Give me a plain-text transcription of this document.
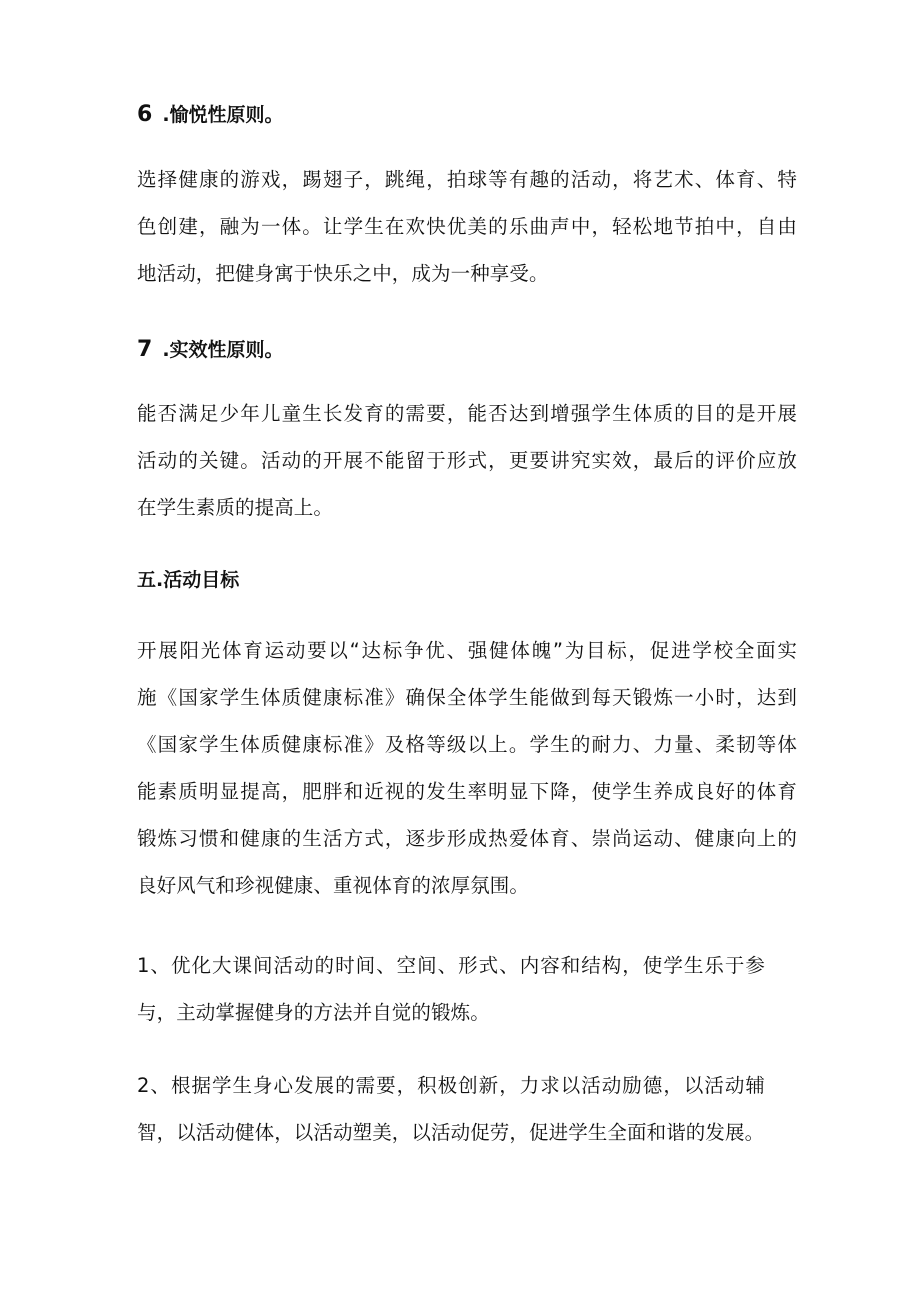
6 .愉悦性原则。
选择健康的游戏，踢翅子，跳绳，拍球等有趣的活动，将艺术、体育、特
色创建，融为一体。让学生在欢快优美的乐曲声中，轻松地节拍中，自由
地活动，把健身寓于快乐之中，成为一种享受。
7 .实效性原则。
能否满足少年儿童生长发育的需要，能否达到增强学生体质的目的是开展
活动的关键。活动的开展不能留于形式，更要讲究实效，最后的评价应放
在学生素质的提高上。
五.活动目标
开展阳光体育运动要以“达标争优、强健体魄”为目标，促进学校全面实
施《国家学生体质健康标准》确保全体学生能做到每天锻炼一小时，达到
《国家学生体质健康标准》及格等级以上。学生的耐力、力量、柔韧等体
能素质明显提高，肥胖和近视的发生率明显下降，使学生养成良好的体育
锻炼习惯和健康的生活方式，逐步形成热爱体育、崇尚运动、健康向上的
良好风气和珍视健康、重视体育的浓厚氛围。
1、优化大课间活动的时间、空间、形式、内容和结构，使学生乐于参
与，主动掌握健身的方法并自觉的锻炼。
2、根据学生身心发展的需要，积极创新，力求以活动励德，以活动辅
智，以活动健体，以活动塑美，以活动促劳，促进学生全面和谐的发展。
